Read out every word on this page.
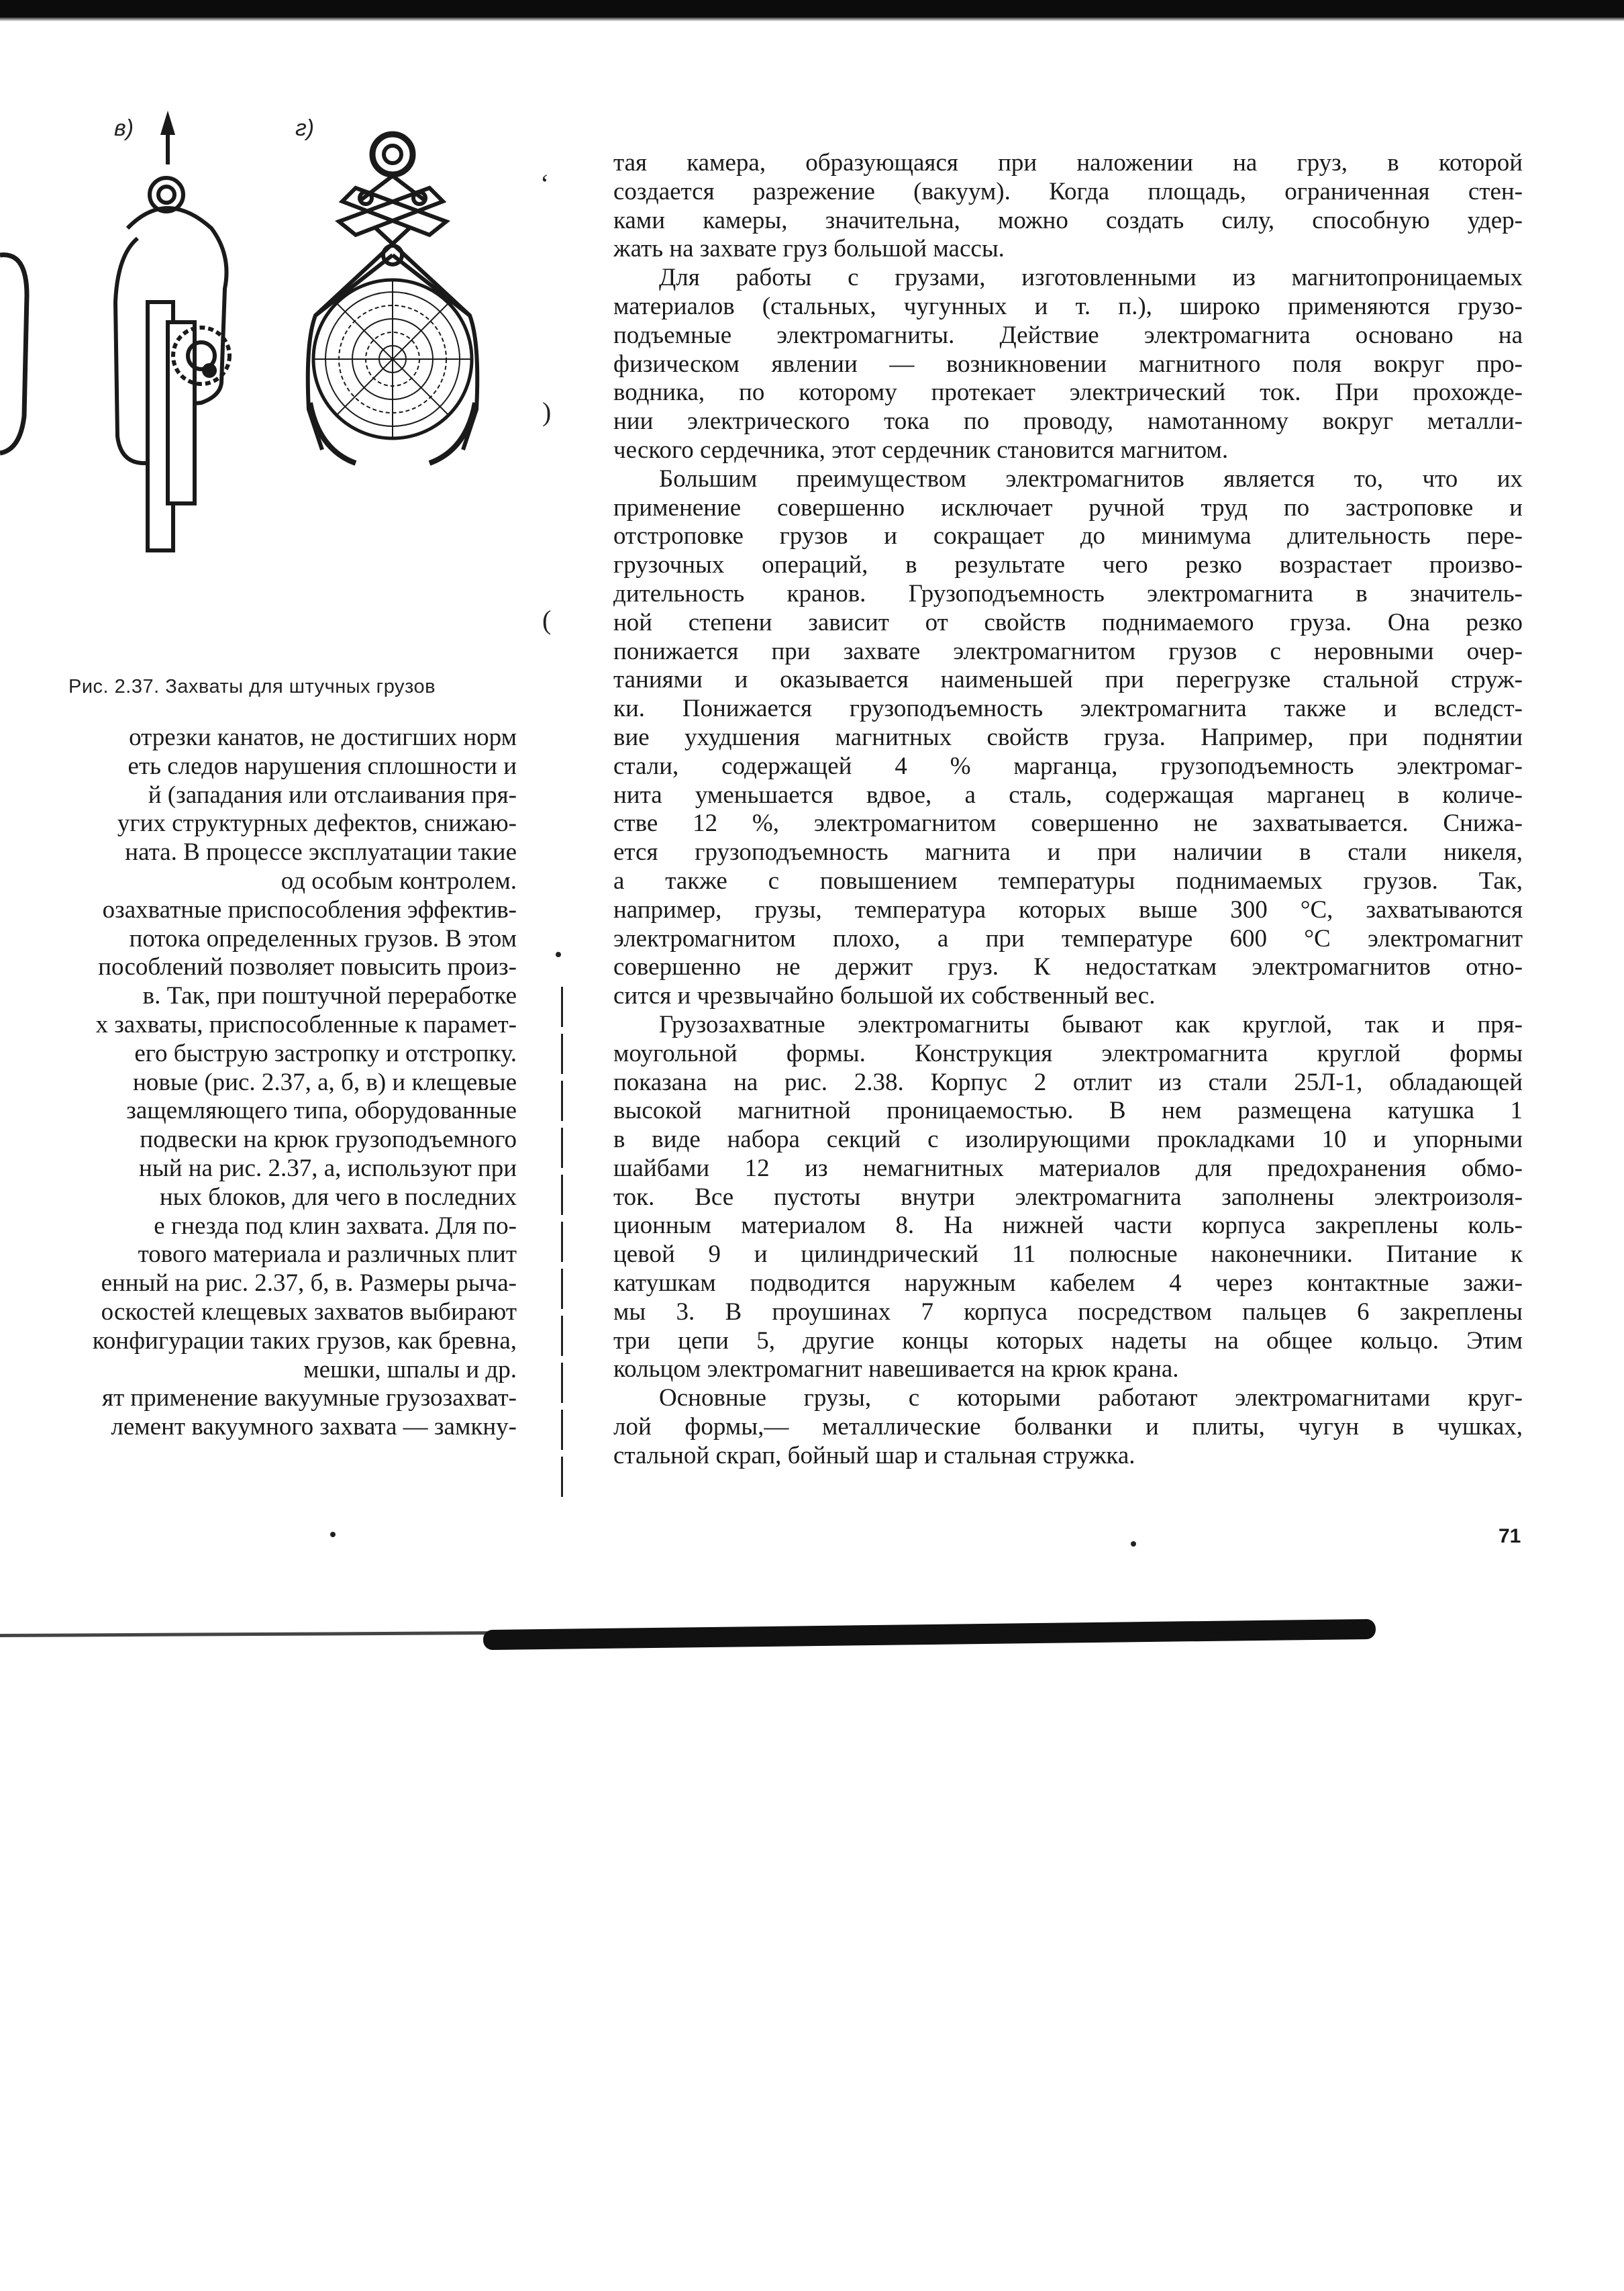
в)	г)
Рис. 2.37. Захваты для штучных грузов
отрезки канатов, не достигших норм
еть следов нарушения сплошности и
й (западания или отслаивания пря-
угих структурных дефектов, снижаю-
ната. В процессе эксплуатации такие
од особым контролем.
озахватные приспособления эффектив-
потока определенных грузов. В этом
пособлений позволяет повысить произ-
в. Так, при поштучной переработке
х захваты, приспособленные к парамет-
его быструю застропку и отстропку.
новые (рис. 2.37, а, б, в) и клещевые
защемляющего типа, оборудованные
подвески на крюк грузоподъемного
ный на рис. 2.37, а, используют при
ных блоков, для чего в последних
е гнезда под клин захвата. Для по-
тового материала и различных плит
енный на рис. 2.37, б, в. Размеры рыча-
оскостей клещевых захватов выбирают
конфигурации таких грузов, как бревна,
мешки, шпалы и др.
ят применение вакуумные грузозахват-
лемент вакуумного захвата — замкну-
тая камера, образующаяся при наложении на груз, в которой
создается разрежение (вакуум). Когда площадь, ограниченная стен-
ками камеры, значительна, можно создать силу, способную удер-
жать на захвате груз большой массы.
Для работы с грузами, изготовленными из магнитопроницаемых
материалов (стальных, чугунных и т. п.), широко применяются грузо-
подъемные электромагниты. Действие электромагнита основано на
физическом явлении — возникновении магнитного поля вокруг про-
водника, по которому протекает электрический ток. При прохожде-
нии электрического тока по проводу, намотанному вокруг металли-
ческого сердечника, этот сердечник становится магнитом.
Большим преимуществом электромагнитов является то, что их
применение совершенно исключает ручной труд по застроповке и
отстроповке грузов и сокращает до минимума длительность пере-
грузочных операций, в результате чего резко возрастает произво-
дительность кранов. Грузоподъемность электромагнита в значитель-
ной степени зависит от свойств поднимаемого груза. Она резко
понижается при захвате электромагнитом грузов с неровными очер-
таниями и оказывается наименьшей при перегрузке стальной струж-
ки. Понижается грузоподъемность электромагнита также и вследст-
вие ухудшения магнитных свойств груза. Например, при поднятии
стали, содержащей 4 % марганца, грузоподъемность электромаг-
нита уменьшается вдвое, а сталь, содержащая марганец в количе-
стве 12 %, электромагнитом совершенно не захватывается. Снижа-
ется грузоподъемность магнита и при наличии в стали никеля,
а также с повышением температуры поднимаемых грузов. Так,
например, грузы, температура которых выше 300 °С, захватываются
электромагнитом плохо, а при температуре 600 °С электромагнит
совершенно не держит груз. К недостаткам электромагнитов отно-
сится и чрезвычайно большой их собственный вес.
Грузозахватные электромагниты бывают как круглой, так и пря-
моугольной формы. Конструкция электромагнита круглой формы
показана на рис. 2.38. Корпус 2 отлит из стали 25Л-1, обладающей
высокой магнитной проницаемостью. В нем размещена катушка 1
в виде набора секций с изолирующими прокладками 10 и упорными
шайбами 12 из немагнитных материалов для предохранения обмо-
ток. Все пустоты внутри электромагнита заполнены электроизоля-
ционным материалом 8. На нижней части корпуса закреплены коль-
цевой 9 и цилиндрический 11 полюсные наконечники. Питание к
катушкам подводится наружным кабелем 4 через контактные зажи-
мы 3. В проушинах 7 корпуса посредством пальцев 6 закреплены
три цепи 5, другие концы которых надеты на общее кольцо. Этим
кольцом электромагнит навешивается на крюк крана.
Основные грузы, с которыми работают электромагнитами круг-
лой формы,— металлические болванки и плиты, чугун в чушках,
стальной скрап, бойный шар и стальная стружка.
71
ʻ
)
(
